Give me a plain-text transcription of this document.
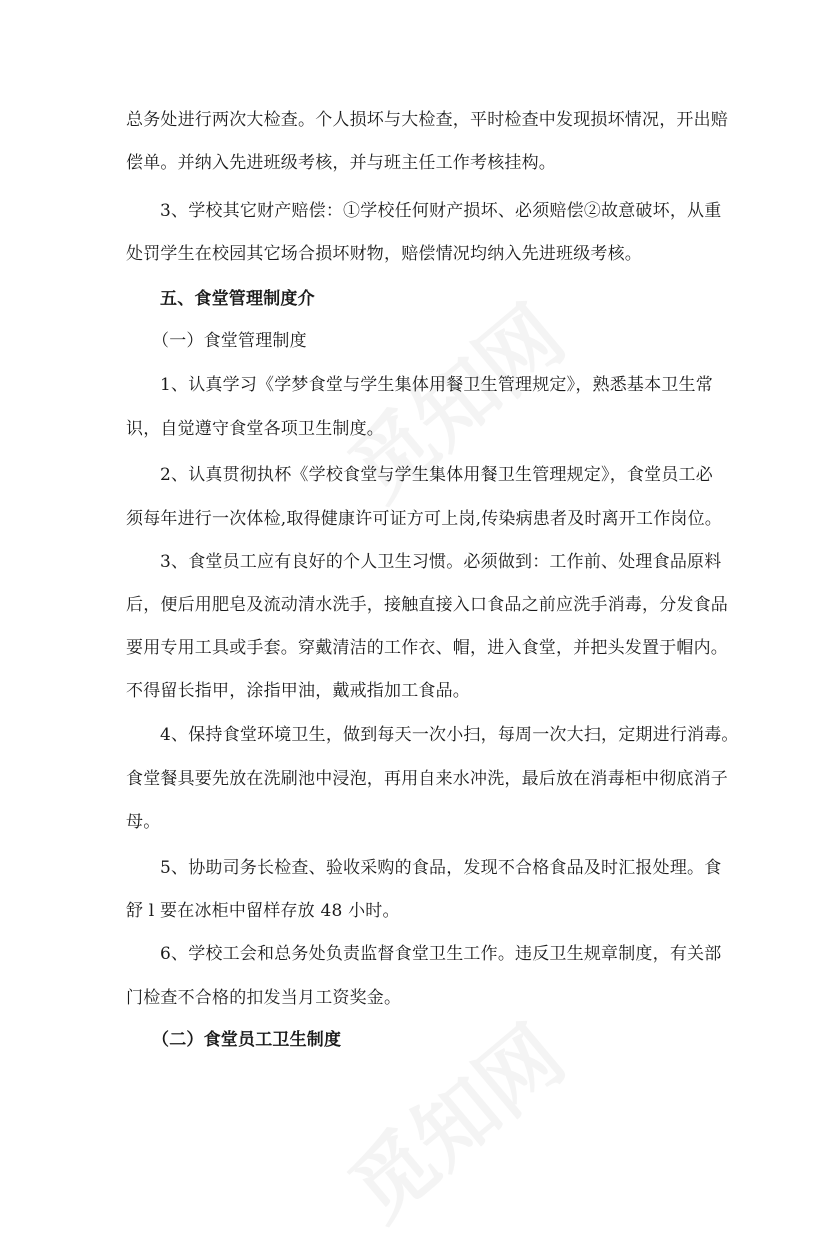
总务处进行两次大检查。个人损坏与大检查，平时检查中发现损坏情况，开出赔
偿单。并纳入先进班级考核，并与班主任工作考核挂构。
3、学校其它财产赔偿：①学校任何财产损坏、必须赔偿②故意破坏，从重
处罚学生在校园其它场合损坏财物，赔偿情况均纳入先进班级考核。
五、食堂管理制度介
（一）食堂管理制度
1、认真学习《学梦食堂与学生集体用餐卫生管理规定》，熟悉基本卫生常
识，自觉遵守食堂各项卫生制度。
2、认真贯彻执杯《学校食堂与学生集体用餐卫生管理规定》，食堂员工必
须每年进行一次体检,取得健康许可证方可上岗,传染病患者及时离开工作岗位。
3、食堂员工应有良好的个人卫生习惯。必须做到：工作前、处理食品原料
后，便后用肥皂及流动清水洗手，接触直接入口食品之前应洗手消毒，分发食品
要用专用工具或手套。穿戴清洁的工作衣、帽，进入食堂，并把头发置于帽内。
不得留长指甲，涂指甲油，戴戒指加工食品。
4、保持食堂环境卫生，做到每天一次小扫，每周一次大扫，定期进行消毒。
食堂餐具要先放在洗刷池中浸泡，再用自来水冲洗，最后放在消毒柜中彻底消子
母。
5、协助司务长检查、验收采购的食品，发现不合格食品及时汇报处理。食
舒 l 要在冰柜中留样存放 48 小时。
6、学校工会和总务处负责监督食堂卫生工作。违反卫生规章制度，有关部
门检查不合格的扣发当月工资奖金。
（二）食堂员工卫生制度
